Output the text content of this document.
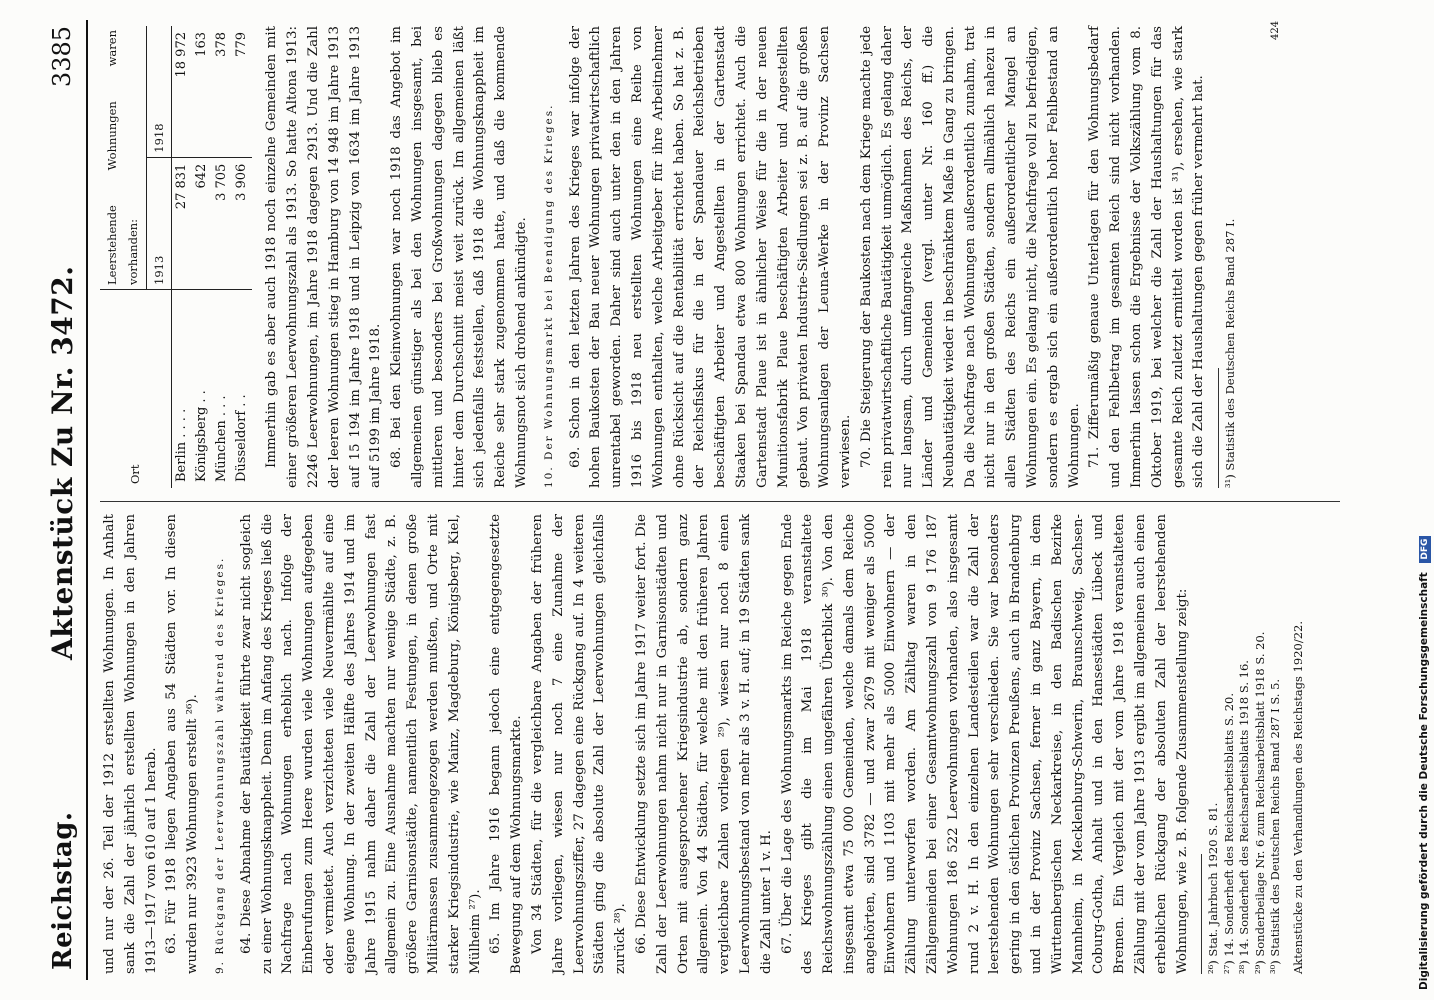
Reichstag.
Aktenstück Zu Nr. 3472.
3385

und nur der 26. Teil der 1912 erstellten Wohnungen. In Anhalt sank die Zahl der jährlich erstellten Wohnungen in den Jahren 1913—1917 von 610 auf 1 herab. 63. Für 1918 liegen Angaben aus 54 Städten vor. In diesen wurden nur 3923 Wohnungen erstellt ²⁶).	9. Rückgang der Leerwohnungszahl während des Krieges. 64. Diese Abnahme der Bautätigkeit führte zwar nicht sogleich zu einer Wohnungsknappheit. Denn im Anfang des Krieges ließ die Nachfrage nach Wohnungen erheblich nach. Infolge der Einberufungen zum Heere wurden viele Wohnungen aufgegeben oder vermietet. Auch verzichteten viele Neuvermählte auf eine eigene Wohnung. In der zweiten Hälfte des Jahres 1914 und im Jahre 1915 nahm daher die Zahl der Leerwohnungen fast allgemein zu. Eine Ausnahme machten nur wenige Städte, z. B. größere Garnisonstädte, namentlich Festungen, in denen große Militärmassen zusammengezogen werden mußten, und Orte mit starker Kriegsindustrie, wie Mainz, Magdeburg, Königsberg, Kiel, Mülheim ²⁷). 65. Im Jahre 1916 begann jedoch eine entgegengesetzte Bewegung auf dem Wohnungsmarkte. Von 34 Städten, für die vergleichbare Angaben der früheren Jahre vorliegen, wiesen nur noch 7 eine Zunahme der Leerwohnungsziffer, 27 dagegen eine Rückgang auf. In 4 weiteren Städten ging die absolute Zahl der Leerwohnungen gleichfalls zurück ²⁸). 66. Diese Entwicklung setzte sich im Jahre 1917 weiter fort. Die Zahl der Leerwohnungen nahm nicht nur in Garnisonstädten und Orten mit ausgesprochener Kriegsindustrie ab, sondern ganz allgemein. Von 44 Städten, für welche mit den früheren Jahren vergleichbare Zahlen vorliegen ²⁹), wiesen nur noch 8 einen Leerwohnungsbestand von mehr als 3 v. H. auf; in 19 Städten sank die Zahl unter 1 v. H. 67. Über die Lage des Wohnungsmarkts im Reiche gegen Ende des Krieges gibt die im Mai 1918 veranstaltete Reichswohnungszählung einen ungefähren Überblick ³⁰). Von den insgesamt etwa 75 000 Gemeinden, welche damals dem Reiche angehörten, sind 3782 — und zwar 2679 mit weniger als 5000 Einwohnern und 1103 mit mehr als 5000 Einwohnern — der Zählung unterworfen worden. Am Zähltag waren in den Zählgemeinden bei einer Gesamtwohnungszahl von 9 176 187 Wohnungen 186 522 Leerwohnungen vorhanden, also insgesamt rund 2 v. H. In den einzelnen Landesteilen war die Zahl der leerstehenden Wohnungen sehr verschieden. Sie war besonders gering in den östlichen Provinzen Preußens, auch in Brandenburg und in der Provinz Sachsen, ferner in ganz Bayern, in dem Württembergischen Neckarkreise, in den Badischen Bezirke Mannheim, in Mecklenburg-Schwerin, Braunschweig, Sachsen-Coburg-Gotha, Anhalt und in den Hansestädten Lübeck und Bremen. Ein Vergleich mit der vom Jahre 1918 veranstalteten Zählung mit der vom Jahre 1913 ergibt im allgemeinen auch einen erheblichen Rückgang der absoluten Zahl der leerstehenden Wohnungen, wie z. B. folgende Zusammenstellung zeigt:	²⁶) Stat. Jahrbuch 1920 S. 81. ²⁷) 14. Sonderheft des Reichsarbeitsblatts S. 20. ²⁸) 14. Sonderheft des Reichsarbeitsblatts 1918 S. 16. ²⁹) Sonderbeilage Nr. 6 zum Reichsarbeitsblatt 1918 S. 20. ³⁰) Statistik des Deutschen Reichs Band 287 I S. 5. Aktenstücke zu den Verhandlungen des Reichstags 1920/22.

Ort	Leerstehende Wohnungen waren vorhanden:	
	1913	1918
Berlin . . . .	27 831	18 972
Königsberg . .	642	163
München . . .	3 705	378
Düsseldorf . .	3 906	779 Immerhin gab es aber auch 1918 noch einzelne Gemeinden mit einer größeren Leerwohnungszahl als 1913. So hatte Altona 1913: 2246 Leerwohnungen, im Jahre 1918 dagegen 2913. Und die Zahl der leeren Wohnungen stieg in Hamburg von 14 948 im Jahre 1913 auf 15 194 im Jahre 1918 und in Leipzig von 1634 im Jahre 1913 auf 5199 im Jahre 1918. 68. Bei den Kleinwohnungen war noch 1918 das Angebot im allgemeinen günstiger als bei den Wohnungen insgesamt, bei mittleren und besonders bei Großwohnungen dagegen blieb es hinter dem Durchschnitt meist weit zurück. Im allgemeinen läßt sich jedenfalls feststellen, daß 1918 die Wohnungsknappheit im Reiche sehr stark zugenommen hatte, und daß die kommende Wohnungsnot sich drohend ankündigte.	10. Der Wohnungsmarkt bei Beendigung des Krieges. 69. Schon in den letzten Jahren des Krieges war infolge der hohen Baukosten der Bau neuer Wohnungen privatwirtschaftlich unrentabel geworden. Daher sind auch unter den in den Jahren 1916 bis 1918 neu erstellten Wohnungen eine Reihe von Wohnungen enthalten, welche Arbeitgeber für ihre Arbeitnehmer ohne Rücksicht auf die Rentabilität errichtet haben. So hat z. B. der Reichsfiskus für die in der Spandauer Reichsbetrieben beschäftigten Arbeiter und Angestellten in der Gartenstadt Staaken bei Spandau etwa 800 Wohnungen errichtet. Auch die Gartenstadt Plaue ist in ähnlicher Weise für die in der neuen Munitionsfabrik Plaue beschäftigten Arbeiter und Angestellten gebaut. Von privaten Industrie-Siedlungen sei z. B. auf die großen Wohnungsanlagen der Leuna-Werke in der Provinz Sachsen verwiesen. 70. Die Steigerung der Baukosten nach dem Kriege machte jede rein privatwirtschaftliche Bautätigkeit unmöglich. Es gelang daher nur langsam, durch umfangreiche Maßnahmen des Reichs, der Länder und Gemeinden (vergl. unter Nr. 160 ff.) die Neubautätigkeit wieder in beschränktem Maße in Gang zu bringen. Da die Nachfrage nach Wohnungen außerordentlich zunahm, trat nicht nur in den großen Städten, sondern allmählich nahezu in allen Städten des Reichs ein außerordentlicher Mangel an Wohnungen ein. Es gelang nicht, die Nachfrage voll zu befriedigen, sondern es ergab sich ein außerordentlich hoher Fehlbestand an Wohnungen. 71. Zifferumäßig genaue Unterlagen für den Wohnungsbedarf und den Fehlbetrag im gesamten Reich sind nicht vorhanden. Immerhin lassen schon die Ergebnisse der Volkszählung vom 8. Oktober 1919, bei welcher die Zahl der Haushaltungen für das gesamte Reich zuletzt ermittelt worden ist ³¹), ersehen, wie stark sich die Zahl der Haushaltungen gegen früher vermehrt hat.	³¹) Statistik des Deutschen Reichs Band 287 I.

424
Digitalisierung gefördert durch die Deutsche Forschungsgemeinschaft DFG
